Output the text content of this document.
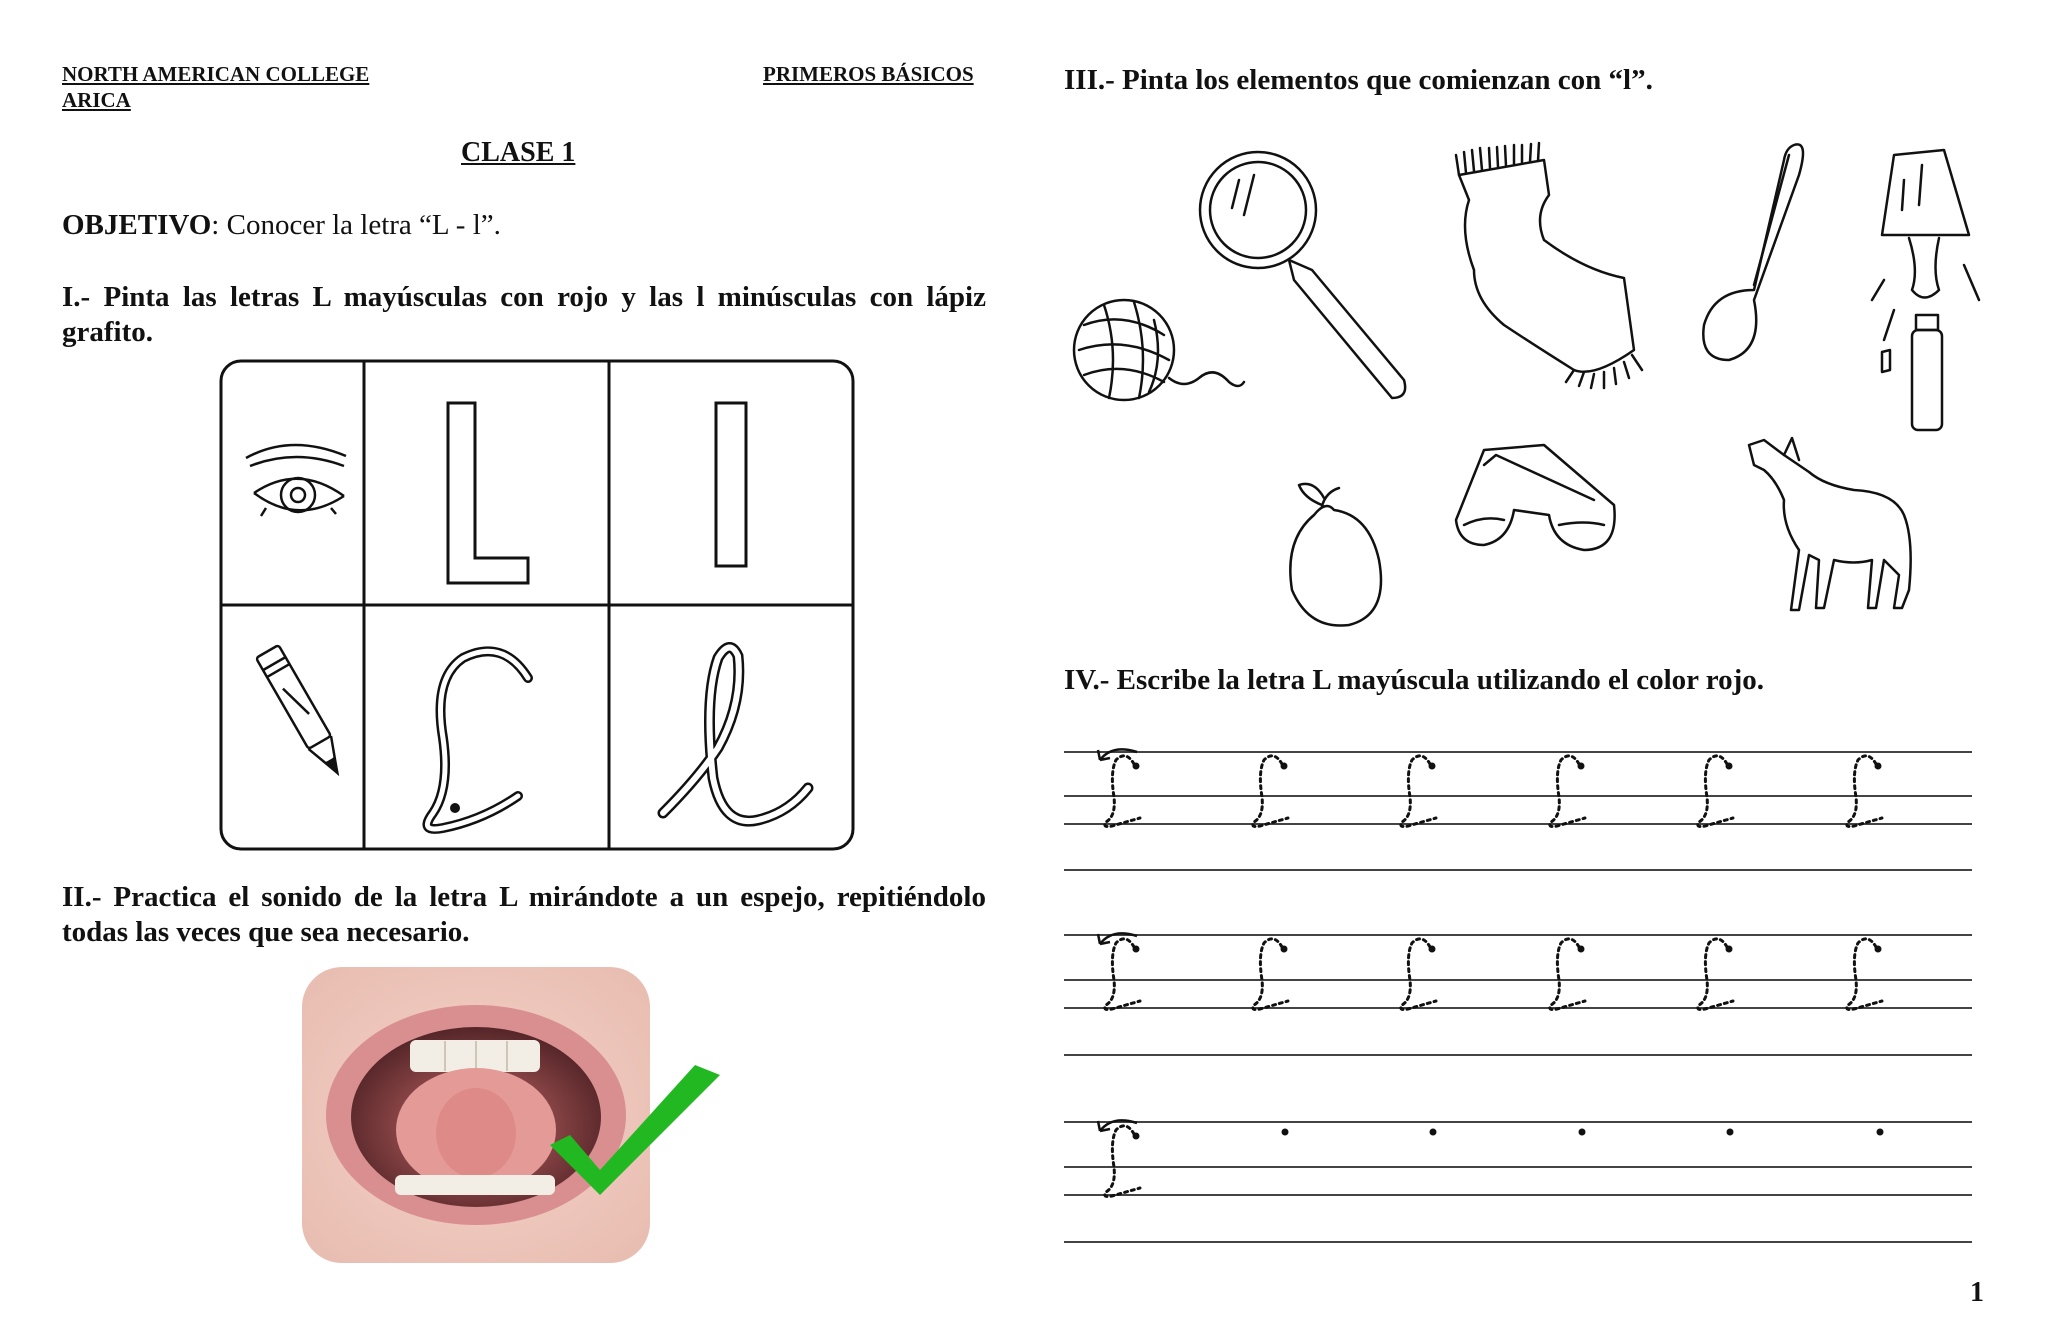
NORTH AMERICAN COLLEGE
ARICA
PRIMEROS BÁSICOS
CLASE 1
OBJETIVO: Conocer la letra “L - l”.
I.- Pinta las letras L mayúsculas con rojo y las l minúsculas con lápiz grafito.
II.- Practica el sonido de la letra L mirándote a un espejo, repitiéndolo todas las veces que sea necesario.
III.- Pinta los elementos que comienzan con “l”.
IV.- Escribe la letra L mayúscula utilizando el color rojo.
1
